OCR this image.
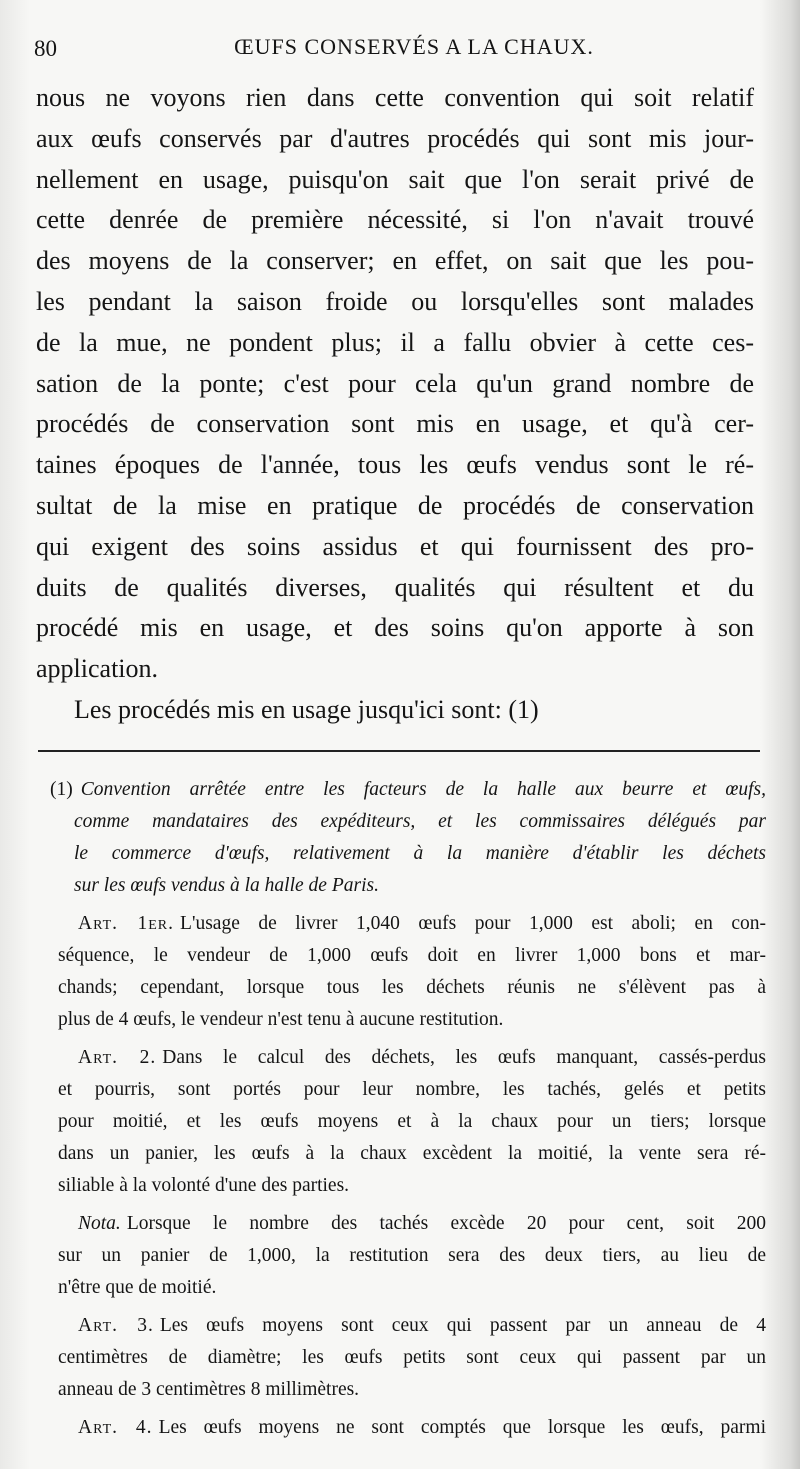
80	ŒUFS CONSERVÉS A LA CHAUX.

nous ne voyons rien dans cette convention qui soit relatif

aux œufs conservés par d'autres procédés qui sont mis jour-

nellement en usage, puisqu'on sait que l'on serait privé de

cette denrée de première nécessité, si l'on n'avait trouvé

des moyens de la conserver; en effet, on sait que les pou-

les pendant la saison froide ou lorsqu'elles sont malades

de la mue, ne pondent plus; il a fallu obvier à cette ces-

sation de la ponte; c'est pour cela qu'un grand nombre de

procédés de conservation sont mis en usage, et qu'à cer-

taines époques de l'année, tous les œufs vendus sont le ré-

sultat de la mise en pratique de procédés de conservation

qui exigent des soins assidus et qui fournissent des pro-

duits de qualités diverses, qualités qui résultent et du

procédé mis en usage, et des soins qu'on apporte à son

application.

Les procédés mis en usage jusqu'ici sont: (1)

(1) Convention arrêtée entre les facteurs de la halle aux beurre et œufs,
comme mandataires des expéditeurs, et les commissaires délégués par
le commerce d'œufs, relativement à la manière d'établir les déchets
sur les œufs vendus à la halle de Paris.

Art. 1er. L'usage de livrer 1,040 œufs pour 1,000 est aboli; en con-
séquence, le vendeur de 1,000 œufs doit en livrer 1,000 bons et mar-
chands; cependant, lorsque tous les déchets réunis ne s'élèvent pas à
plus de 4 œufs, le vendeur n'est tenu à aucune restitution.

Art. 2. Dans le calcul des déchets, les œufs manquant, cassés-perdus
et pourris, sont portés pour leur nombre, les tachés, gelés et petits
pour moitié, et les œufs moyens et à la chaux pour un tiers; lorsque
dans un panier, les œufs à la chaux excèdent la moitié, la vente sera ré-
siliable à la volonté d'une des parties.

Nota. Lorsque le nombre des tachés excède 20 pour cent, soit 200
sur un panier de 1,000, la restitution sera des deux tiers, au lieu de
n'être que de moitié.

Art. 3. Les œufs moyens sont ceux qui passent par un anneau de 4
centimètres de diamètre; les œufs petits sont ceux qui passent par un
anneau de 3 centimètres 8 millimètres.

Art. 4. Les œufs moyens ne sont comptés que lorsque les œufs, parmi
